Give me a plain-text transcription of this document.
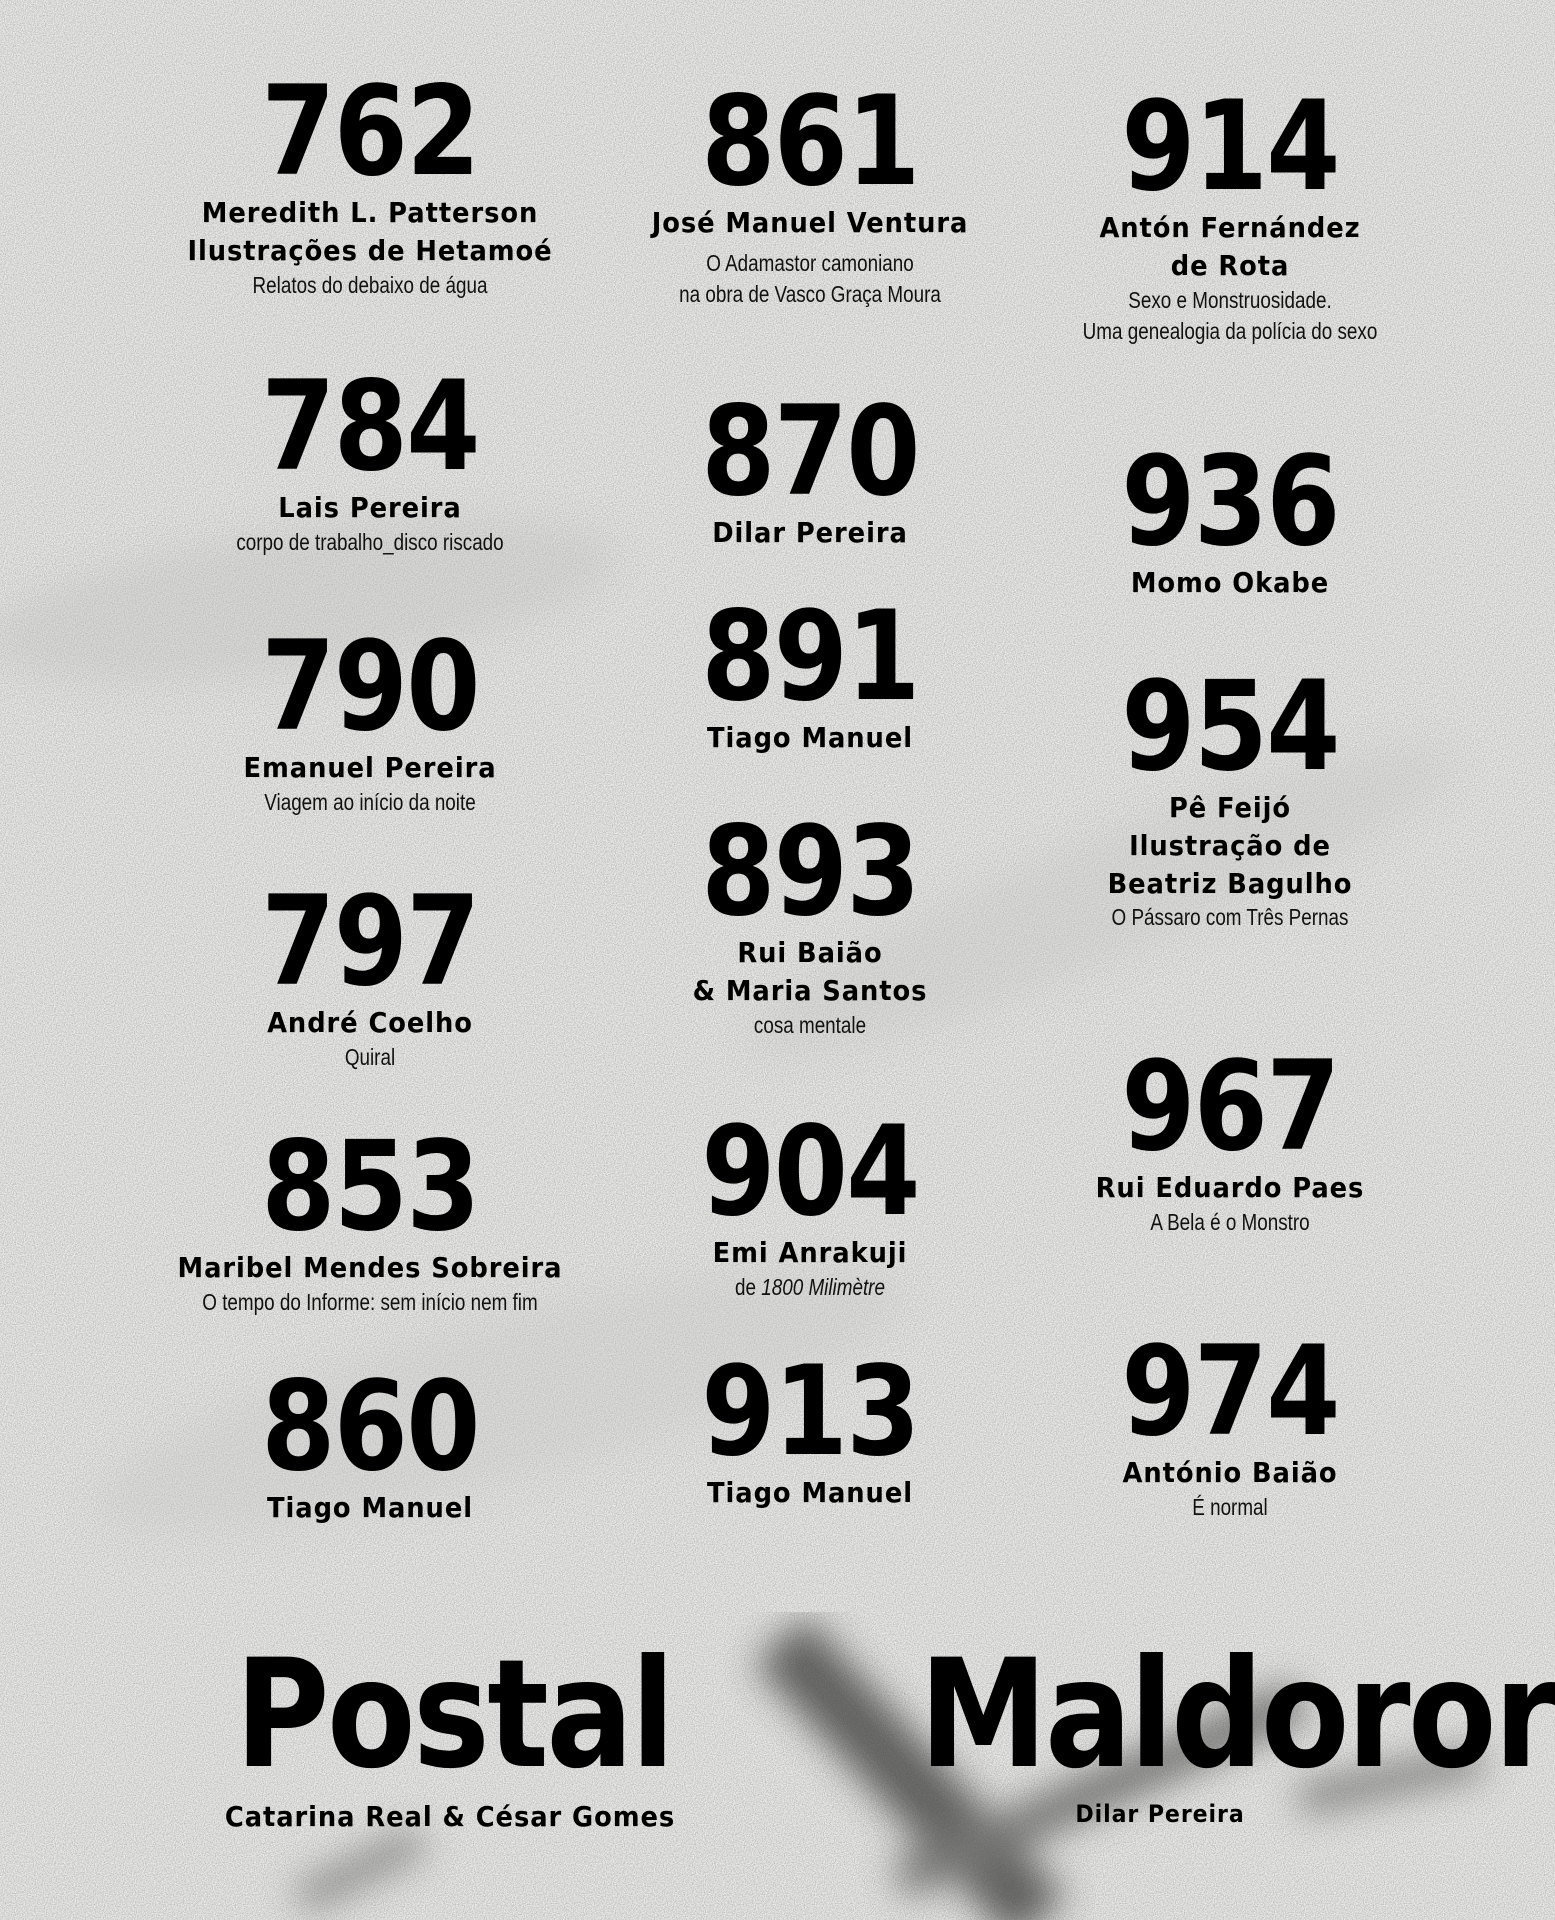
762
Meredith L. Patterson
Ilustrações de Hetamoé
Relatos do debaixo de água
784
Lais Pereira
corpo de trabalho_disco riscado
790
Emanuel Pereira
Viagem ao início da noite
797
André Coelho
Quiral
853
Maribel Mendes Sobreira
O tempo do Informe: sem início nem fim
860
Tiago Manuel
861
José Manuel Ventura
O Adamastor camoniano
na obra de Vasco Graça Moura
870
Dilar Pereira
891
Tiago Manuel
893
Rui Baião
& Maria Santos
cosa mentale
904
Emi Anrakuji
de 1800 Milimètre
913
Tiago Manuel
914
Antón Fernández
de Rota
Sexo e Monstruosidade.
Uma genealogia da polícia do sexo
936
Momo Okabe
954
Pê Feijó
Ilustração de
Beatriz Bagulho
O Pássaro com Três Pernas
967
Rui Eduardo Paes
A Bela é o Monstro
974
António Baião
É normal
Postal
Catarina Real & César Gomes
Maldoror
Dilar Pereira
